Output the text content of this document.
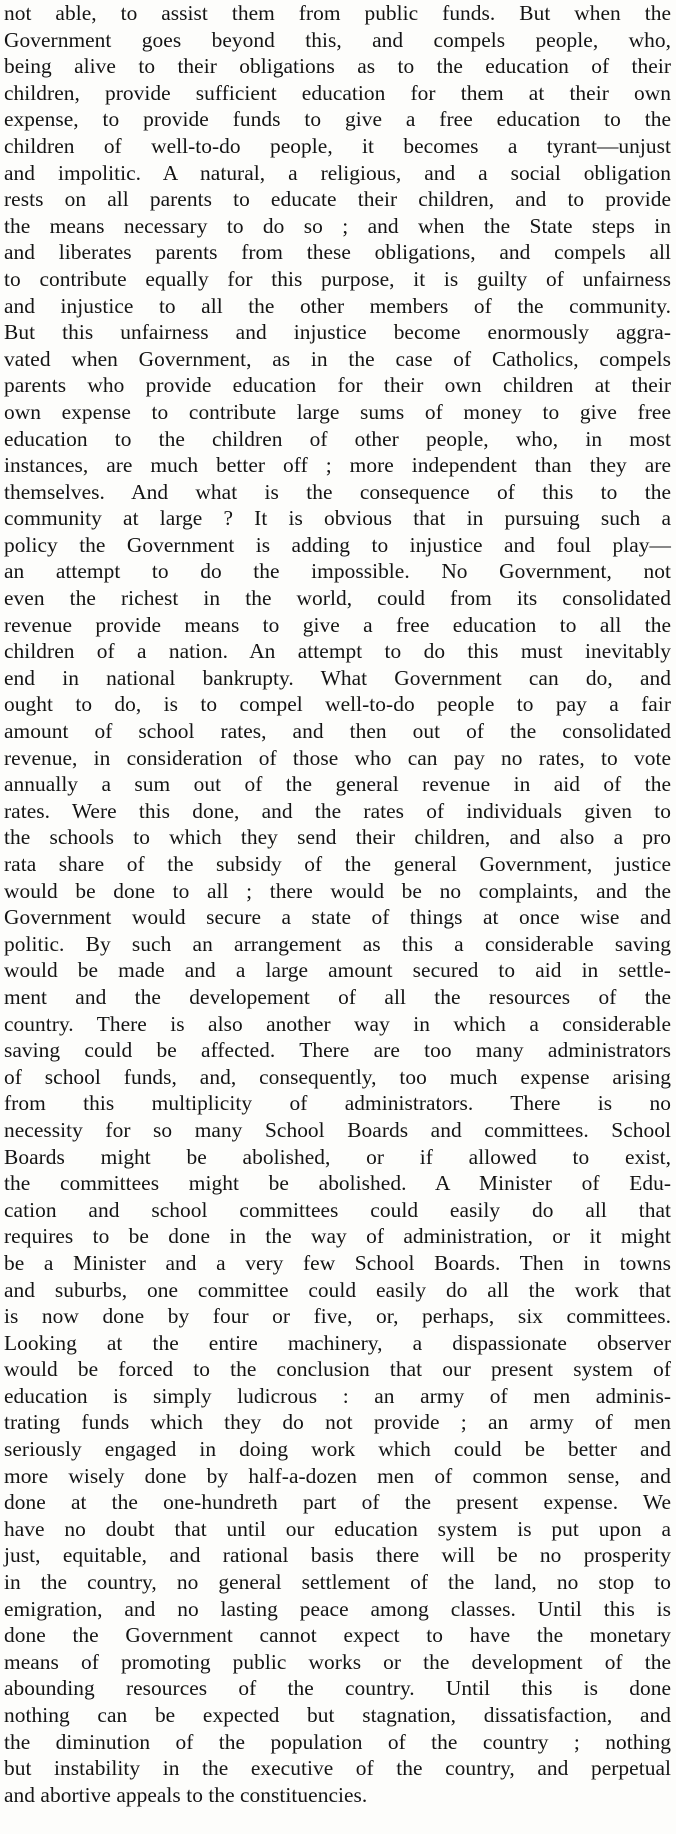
not able, to assist them from public funds. But when the
Government goes beyond this, and compels people, who,
being alive to their obligations as to the education of their
children, provide sufficient education for them at their own
expense, to provide funds to give a free education to the
children of well-to-do people, it becomes a tyrant—unjust
and impolitic. A natural, a religious, and a social obligation
rests on all parents to educate their children, and to provide
the means necessary to do so ; and when the State steps in
and liberates parents from these obligations, and compels all
to contribute equally for this purpose, it is guilty of unfairness
and injustice to all the other members of the community.
But this unfairness and injustice become enormously aggra-
vated when Government, as in the case of Catholics, compels
parents who provide education for their own children at their
own expense to contribute large sums of money to give free
education to the children of other people, who, in most
instances, are much better off ; more independent than they are
themselves. And what is the consequence of this to the
community at large ? It is obvious that in pursuing such a
policy the Government is adding to injustice and foul play—
an attempt to do the impossible. No Government, not
even the richest in the world, could from its consolidated
revenue provide means to give a free education to all the
children of a nation. An attempt to do this must inevitably
end in national bankrupty. What Government can do, and
ought to do, is to compel well-to-do people to pay a fair
amount of school rates, and then out of the consolidated
revenue, in consideration of those who can pay no rates, to vote
annually a sum out of the general revenue in aid of the
rates. Were this done, and the rates of individuals given to
the schools to which they send their children, and also a pro
rata share of the subsidy of the general Government, justice
would be done to all ; there would be no complaints, and the
Government would secure a state of things at once wise and
politic. By such an arrangement as this a considerable saving
would be made and a large amount secured to aid in settle-
ment and the developement of all the resources of the
country. There is also another way in which a considerable
saving could be affected. There are too many administrators
of school funds, and, consequently, too much expense arising
from this multiplicity of administrators. There is no
necessity for so many School Boards and committees. School
Boards might be abolished, or if allowed to exist,
the committees might be abolished. A Minister of Edu-
cation and school committees could easily do all that
requires to be done in the way of administration, or it might
be a Minister and a very few School Boards. Then in towns
and suburbs, one committee could easily do all the work that
is now done by four or five, or, perhaps, six committees.
Looking at the entire machinery, a dispassionate observer
would be forced to the conclusion that our present system of
education is simply ludicrous : an army of men adminis-
trating funds which they do not provide ; an army of men
seriously engaged in doing work which could be better and
more wisely done by half-a-dozen men of common sense, and
done at the one-hundreth part of the present expense. We
have no doubt that until our education system is put upon a
just, equitable, and rational basis there will be no prosperity
in the country, no general settlement of the land, no stop to
emigration, and no lasting peace among classes. Until this is
done the Government cannot expect to have the monetary
means of promoting public works or the development of the
abounding resources of the country. Until this is done
nothing can be expected but stagnation, dissatisfaction, and
the diminution of the population of the country ; nothing
but instability in the executive of the country, and perpetual
and abortive appeals to the constituencies.
